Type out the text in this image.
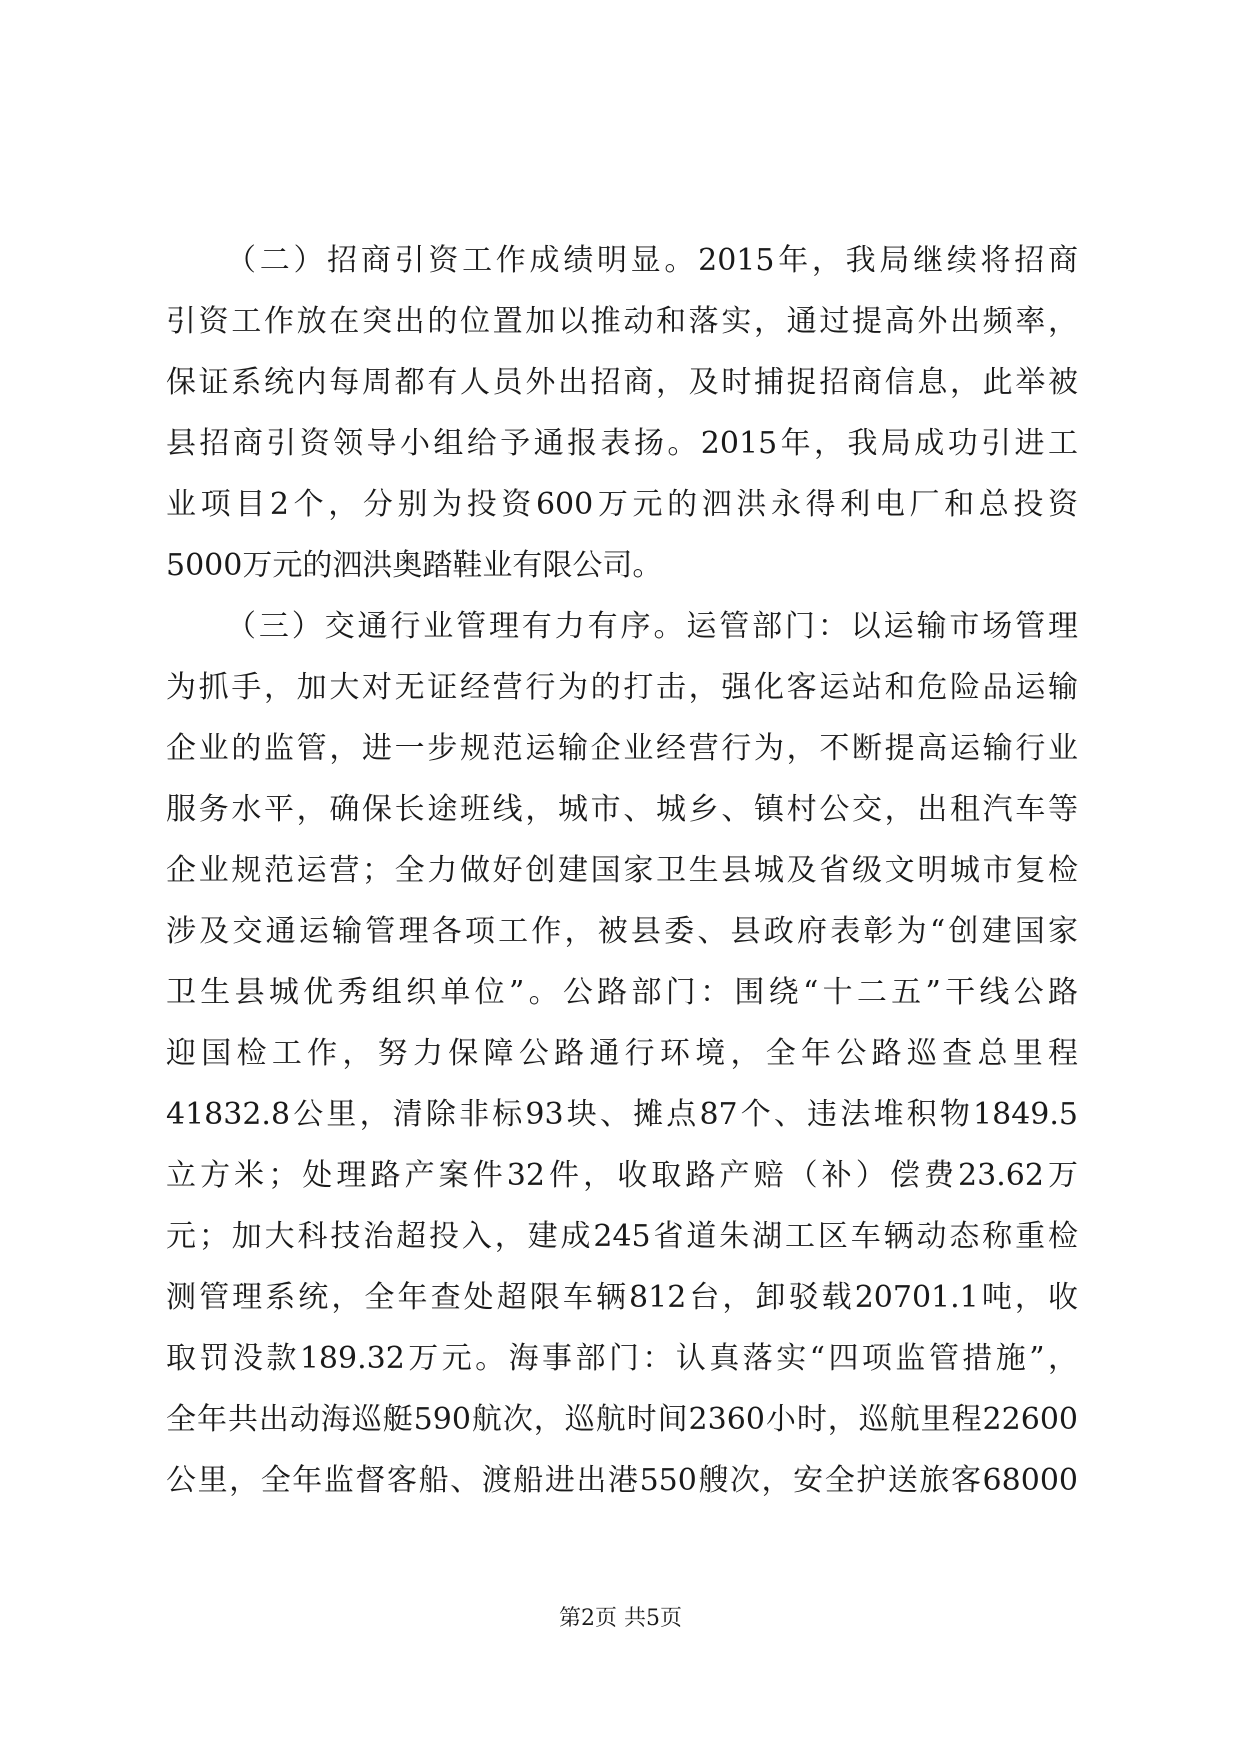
（二）招商引资工作成绩明显。2015年，我局继续将招商
引资工作放在突出的位置加以推动和落实，通过提高外出频率，
保证系统内每周都有人员外出招商，及时捕捉招商信息，此举被
县招商引资领导小组给予通报表扬。2015年，我局成功引进工
业项目2个，分别为投资600万元的泗洪永得利电厂和总投资
5000万元的泗洪奥踏鞋业有限公司。
（三）交通行业管理有力有序。运管部门：以运输市场管理
为抓手，加大对无证经营行为的打击，强化客运站和危险品运输
企业的监管，进一步规范运输企业经营行为，不断提高运输行业
服务水平，确保长途班线，城市、城乡、镇村公交，出租汽车等
企业规范运营；全力做好创建国家卫生县城及省级文明城市复检
涉及交通运输管理各项工作，被县委、县政府表彰为“创建国家
卫生县城优秀组织单位”。公路部门：围绕“十二五”干线公路
迎国检工作，努力保障公路通行环境，全年公路巡查总里程
41832.8公里，清除非标93块、摊点87个、违法堆积物1849.5
立方米；处理路产案件32件，收取路产赔（补）偿费23.62万
元；加大科技治超投入，建成245省道朱湖工区车辆动态称重检
测管理系统，全年查处超限车辆812台，卸驳载20701.1吨，收
取罚没款189.32万元。海事部门：认真落实“四项监管措施”，
全年共出动海巡艇590航次，巡航时间2360小时，巡航里程22600
公里，全年监督客船、渡船进出港550艘次，安全护送旅客68000
第2页 共5页
